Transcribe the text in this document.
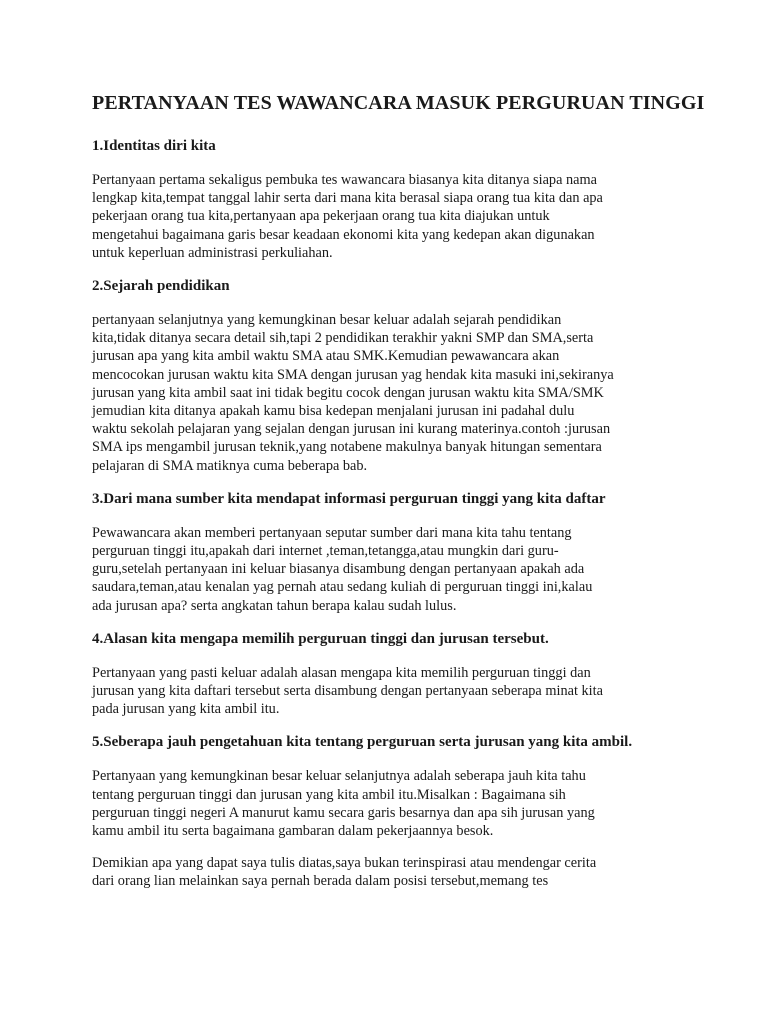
PERTANYAAN TES WAWANCARA MASUK PERGURUAN TINGGI
1.Identitas diri kita

Pertanyaan pertama sekaligus pembuka tes wawancara biasanya kita ditanya siapa nama
lengkap kita,tempat tanggal lahir serta dari mana kita berasal siapa orang tua kita dan apa
pekerjaan orang tua kita,pertanyaan apa pekerjaan orang tua kita diajukan untuk
mengetahui bagaimana garis besar keadaan ekonomi kita yang kedepan akan digunakan
untuk keperluan administrasi perkuliahan.

2.Sejarah pendidikan

pertanyaan selanjutnya yang kemungkinan besar keluar adalah sejarah pendidikan
kita,tidak ditanya secara detail sih,tapi 2 pendidikan terakhir yakni SMP dan SMA,serta
jurusan apa yang kita ambil waktu SMA atau SMK.Kemudian pewawancara akan
mencocokan jurusan waktu kita SMA dengan jurusan yag hendak kita masuki ini,sekiranya
jurusan yang kita ambil saat ini tidak begitu cocok dengan jurusan waktu kita SMA/SMK
jemudian kita ditanya apakah kamu bisa kedepan menjalani jurusan ini padahal dulu
waktu sekolah pelajaran yang sejalan dengan jurusan ini kurang materinya.contoh :jurusan
SMA ips mengambil jurusan teknik,yang notabene makulnya banyak hitungan sementara
pelajaran di SMA matiknya cuma beberapa bab.

3.Dari mana sumber kita mendapat informasi perguruan tinggi yang kita daftar

Pewawancara akan memberi pertanyaan seputar sumber dari mana kita tahu tentang
perguruan tinggi itu,apakah dari internet ,teman,tetangga,atau mungkin dari guru-
guru,setelah pertanyaan ini keluar biasanya disambung dengan pertanyaan apakah ada
saudara,teman,atau kenalan yag pernah atau sedang kuliah di perguruan tinggi ini,kalau
ada jurusan apa? serta angkatan tahun berapa kalau sudah lulus.

4.Alasan kita mengapa memilih perguruan tinggi dan jurusan tersebut.

Pertanyaan yang pasti keluar adalah alasan mengapa kita memilih perguruan tinggi dan
jurusan yang kita daftari tersebut serta disambung dengan pertanyaan seberapa minat kita
pada jurusan yang kita ambil itu.

5.Seberapa jauh pengetahuan kita tentang perguruan serta jurusan yang kita ambil.

Pertanyaan yang kemungkinan besar keluar selanjutnya adalah seberapa jauh kita tahu
tentang perguruan tinggi dan jurusan yang kita ambil itu.Misalkan : Bagaimana sih
perguruan tinggi negeri A manurut kamu secara garis besarnya dan apa sih jurusan yang
kamu ambil itu serta bagaimana gambaran dalam pekerjaannya besok.

Demikian apa yang dapat saya tulis diatas,saya bukan terinspirasi atau mendengar cerita
dari orang lian melainkan saya pernah berada dalam posisi tersebut,memang tes
